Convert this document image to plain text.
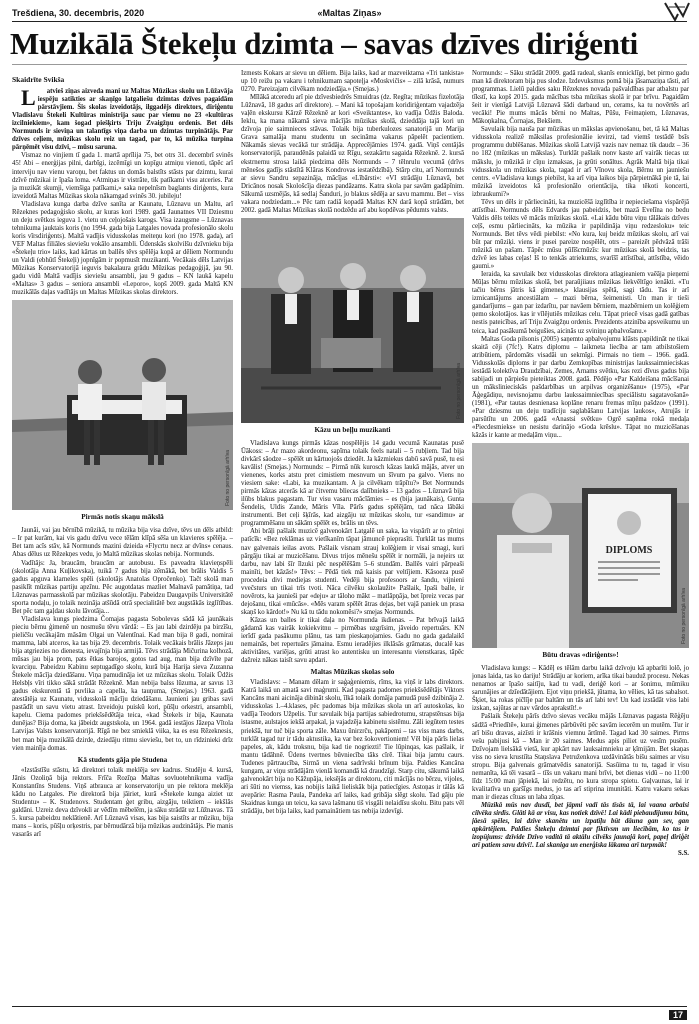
Trešdiena, 30. decembris, 2020	«Maltas Ziņas»
Muzikālā Štekeļu dzimta – savas dzīves diriģenti
Skaidrīte Svikša

L atvieš ziņas aizveda mani uz Maltas Mūzikas skolu un Lūžavāja iespēju satikties ar skaņīgo latgaliešu dzimtas dzīves pagaidām pārstāvjiem. Šis skolas izveidotājs, ilggadējs direktors, diriģentu Vladislavu Štekeli Kultūras ministrija sauc par viemu no 23 «kultūras izcilniekiem», kam šogad piešķirts Triju Zvaigžņu ordenis. Bet dēls Normunds ir sieviņa un talantīgs viņa darba un dzimtas turpinātājs. Par dzīves ceļiem, mūzikas skolu reiz un tagad, par to, kā mūzika turpina pārņēmēt visu dzīvi, – mūsu saruna.

Vismaz no vinjiem tī gada 1. martā aprīlija 75, bet otrs 31. decembrī svinēs 45! Abi – enerģijas pilni, darbīgi, izcēmīgi un kopīgu atmiņu vienoti, tāpēc arī interviju nav vienu varoņu, bet faktus un domās balstīts stāsts par dzimtu, kurai dzīvē mūzikai ir īpaša loma. «Atmiņas ir vistrāte, tik patīkami visu atceries. Pat ja muzikāt skumji, viemšiga patīkami,» saka nepelnīsm baglants diriģents, kura izveidotā Maltas Mūzikas skola nākamgad svinēs 30. jubileju!

Vladislava kunga darba dzīve sanīta ar Kaunatu, Lūznavu un Maltu, arī Rēzeknes pedagoģisko skolu, ar kuras kori 1989. gadā Jaunatnes VII Dziesmu un deju svētkos ieguva 1. vietu un ceļojošais karogs. Visa izaugsme – Lūznavas tehnikuma jauktais koris (no 1994. gada bija Latgales novada profesionālo skolu koris vīrsdiriģents). Maltā vadījis vidusskolas meiteņu kori (no 1978. gada), arī VEF Maltas filiāles sieviešu vokālo ansambli. Ūdenskās skolvilšu dzīvnieku bija «Štekeļu trio» laiks, kad kārtas un ballēs tēvs spēlēja kopā ar dēliem Normundu un Valdi (ebhūtī Štekeļi) jopnīgām ir popmusīt muzikanti. Vecākais dēls Latvijas Mūzikas Konservatorijā ieguvis bakalaura grādu Mūzikas pedagoģijā, jau 90. gadu vidū Maltā vadījis sieviešu ansambli, jau 9 gadus – KN laukā kapelu «Maltas» 3 gadus – seniora ansambli «Leporo», kopš 2009. gada Maltā KN muzikālās daļas vadītājs un Maltas Mūzikas skolas direktors.

Foto no personīgā arhīva
Pirmās notis skaņu mākslā

Jaunāi, vai jau bērnībā mūzikā, tu mūzika bija visa dzīve, tēvs un dēls atbild: – Ir pat kurām, kai vis gadu dzīvu vece tēlām klīpā sēša un klavieres spēlēja. – Bet tam acīs stāv, kā Normunds mazini dzieida «Flycrtu necz ar dvīns» cenaus. Abas dēlus uz Rēzekņes vedu, jo Maltā mūzikas skolas nebija. Normunds.

Vadītājs: Ja, braucām, braucām ar autobusu. Es paveadra klavieņspēli (skolotāja Anna Kuļikovska), tuikā 7 gadus bija zēmākā, bet brālis Valdis 5 gadus apguva klarneles spēli (skolotājs Anatolas Opročenko). Tačt skolā man pasiklīt mūzikas partiju apzīnu. Pēc augotdatas mazliet Malnavā pamātiņa, tad Lūznavas parmasskolā par mūzikas skolotāju. Pabeidzu Daugavpils Universitātē sporta nodaļu, jo tolaik nezināja atšūdā otrā specialitātē bez augstākās izglītības. Bet pēc tam gaļdau skolu lāvotāja...

Vladislava kungs piedzima Čomajas pagasta Sobolevas sādā kā jaunākais pieciu bērnu ģimenē un nosmušu tēvu vārdā: – Es jau labi dzirdēju pa birzīšu, pieličšu vecākajām māsām Olgai un Valentīnai. Kad man bija 8 gadi, nomirai mamma, labi atceros, ka tas bija 29. decembris. Tolaik vecākais brālis Jāzeps jau bija atgriezies no dienesta, ievajīnja bija armijā. Tēvs strādāja Mičurina kolhozā, mūsas jau bija prom, pats ētkas barojos, gotos tad aug, man bija dzīvīte par kvarciņu. Pabeidzu Kabinu septugadīgo skolu, kurā bija Harija sieva Zuzanna Štekele mācīja dziedāšanu. Viņa pamudināja iet uz mūzikas skolu. Tolaik Ūdžis Helsbļs vīri tikko sākā strādāt Rēzeknē. Man nebija balss lūzuma, ar savus 13 gadus ekskurentā tā puvlika a capella, ka tauņuma, (Smejas.) 1963. gadā atestātēja uz Kaunatu, vidusskolā mācīju dziedāšanu. Jaunieni jau gribas savi pastādīt un savu vietu atrast. Izveidoju puiskū kori, pūšļu orkestri, ansambli, kapelu. Ciema padomes priekšsēdētāja teica, «kad Štekels ir bija, Kaunata dunējas? Bija doma, ka jābeidz augstskola, un 1964. gadā iestājos Jāzepa Vītola Latvijas Valsts konservatorijā. Rīgā ne bez smieklā viika, ka es esu Rēzeknesis, bet man bija muzikālā dzirde, dziedāju ritmu sieviešu, bet to, un rīdzinieki drīz vien mainīja domas.

Kā students gāja pie Studena

«Izstāstīšu stāstu, kā direktori tolaik meklēja sev kadrus. Studēju 4. kursā, Jānis Ozoliņā bija rektors. Frīča Rozīņa Maltas sovluotehnikuma vadīja Konstantīns Studens. Viņš atbrauca ar konservatoriju un pie rektora meklēja kādu no Latgales. Pie direktorā bija jāiriet, kurā «Štekele kunga aiziet uz Studentu» – K. Studenovs. Studentam ģet gribu, aizgāju, teiktiem – iekšlās galdāni. Uzreiz deva dzīvokli ar vēdīm mēbelēm, ja sāku strādāt uz Lūžnavas. Tā 5. kursa pabeidzu neklātienē. Arī Lūznavā visas, kas bija saistīts ar mūziku, bija mans – koris, pūšļu orķestris, par bērnudārzā bija mūzikas audzinātājs. Pie manis vasarās arī

Izmests Kokars ar sievu un dēliem. Bija laiks, kad ar mazveiktama «Tri tankista» up 10 reižu pa vakaru i tehnikumam sapoteļja «Moskvičis» – zilā krāsā, numurs 0270. Pareizajam cilvēkam nodziedāja.» (Smejas.)

Mīlākā atceredu arī pie dzīvesbiedrēs Smuidras (dz. Regīta; mūzikas fizelotāja Lūžnavā, 18 gadus arī direktore). – Mani kā topošajam koridiriģentam vajadzēja vaļēn ekskursu Kārzē Rēzeknē ar kori «Sveiktantes», ko vadīja Ūdžis Baloda. Ieklu, ka mana nākamā sieva mācījās mūzikas skolā, dzieddāja tajā kori un dzīvoja pie saimnieces stāvas. Tolaik bija tuberkulozes sanatorijā un Marija Grava samalāja manu studentu un secināma vakarus pāpelēt pacientiem. Nākamās sievas vecākā tur strādāja. Apprecējāmies 1974. gadā. Viņš centājās konservatorijā, paraudēnās palaidā uz Rīgu, sezakārtu sagaida Rēzeknē. 2. kursā ekstrnernu strosa laikā piedzima dēls Normunds – 7 tēlnrulu vecumā (drīvs mēnešos gadījs stāstītā Klāras Kondrovas iestatēdzībā). Stārp citu, arī Normunds ar sievu Sandru sepazināja, mācījas «Lībārsti»: «VI strādāju Lūznavā, bet Dricānos nosak Skološcīja diezas pandāzams. Katra skola par savām gadāpīnim. Sākumā uzsmējās, kā sedlaj Šanduri, jo blakus sēdēja ar savu mammu. Bet – viss vakara nodziedam...» Pēc tam radiā kopadā Maltas KN darā kopā strādām, bet 2002. gadā Maltas Mūzikas skolā nodzēdu arī abu kopdēvas pēdumts valsts.

Foto no personīgā arhīva
Kāzu un beļļu muzikanti

Vladislava kungs pirmās kāzas nospēlējis 14 gadu vecumā Kaunatas pusē Ūākoss: – Ar mazo akordeonu, sapīma tolaik feels natali – 5 rubļiem. Tad bija divkārš sāodze – spēlēt un kārtuojošs dziedēt. Ja kāzmiekus dabū savā pusē, tu esi kavālis! (Smejas.) Normunds: – Pirmā nūk kurosch kāzas laukā mājās, atver un vienenes, korks atstu pret cimistiem mesnvum un šīvum pa galvo. Viens no viesiem sake: «Labi, ka muzikantam. A ja cilvēkam trāpītu?» Bet Normunds pirmās kāzas atcerās kā ar čitvemu bliecas dalībnieks – 13 gados – Lūznavā bija ilūbs blakus pagastam. Tur visu vasaru mācīāmies – es (bija jaunākais), Gunta Šendelis, Uldis Zande, Māris Vīla. Pārīs gadus spēlējām, tad nāca lābāki instrumenti. Bet ceļi šķīrās, kad aizgāju uz mūzikas skolu, tur «sandimu» ar programmēšanu un sākām spēlēt es, brālis un tēvs.

Abi brāļi pašlaik muzicē galvenokārt Latgalē un saka, ka vispārīt ar to pīrtiņi patīcīk: «Bez reklāmas uz vietīkanīm tāpat jāmuncē pieprasīti. Turklāt tas mums nav galvenais ieilas avots. Pašlaik visnam strauj kolēģiem ir visai smagi, kuri pārgāju tikai ar muzicēšanu. Divus trijos mēnešu spēlēt ir normāli, ja nejeirs uz darbu, nav labi šīr īlzuki pēc nespēlēšām 5–6 stundām. Ballēs vairi pārpeaši mainīti, bet kāzās!» Tēvs: – Pēdā tiek mā kaisis par veltījiem. Kāsoeza pusē procedeia divi mediejas studenti. Vedēji bija profesoors ar šandu, vijnieni vvečsturs un tikai trīs tvoti. Nāca cilvēku skolaužit» Pašlaik, Ipaši balle, ir novērots, ka jaunieši par «deju» ar tāloho mākt – matlāpņāja, bet īpreiz vecas par dejošanu, tikai «mūcās». «Mēs varam spēlēt ātras dejas, bet vajā paniek un prasa skaņš ko kārdot!» Nu kā tu tādu nokomēsi?» smejas Normunds.

Kāzas un balles ir tikai daļa no Normunda ikdienas. – Pat brīvajā laikā gādamā kas vairāk kokiekvitnu – pirmēbas uzgrīsim, jāveido repertuārs. KN ierīdī gada pasākumu plānu, tas tam pieskaņojamies. Gadu no gada gadalaikī nemainās, bet repertuārs jāmaina. Esmu ieradējies ilklāsās grāmatas, ducalē kas aktivitātes, variējas, grūti atrast ko autentisku un interesantu vienstkaras, tāpēc dažreiz nākas taisīt savu apdari.

Maltas Mūzikas skolas solo

Vladislavs: – Manam dēlam ir saģaģeniemis, rīms, ka viņš ir labs direktors. Katrā laikā un amatā savi maģrumi. Kad pagasta padomes priekšsēdētājs Viktors Kancāns mani aicināja dibināt skolu, īlkā tolaik domāja pamudā pusē dzibināja 2. vidusskolas 1.–4.klases, pēc padomas bija mūzikas skola un arī autoskolas, ko vadīja Teodors Užpelis. Tur savulaik bija partijas sabiedrotumu, strapstēnsas bija istasme, aulstajos iekšā arpakal, ja vajadzēja kabinetu sistēmu. Zāli iegūtem testes priekšā, tur tuč bija sporta zāle. Maxu ūnirzrču, pakāpemi – tas viss mans darbs, turklāt tagad tur ir tādu aktustika, ka var bez šokovertioniem! Vēl bija pārīs lielas papeles, ak, kādu troksnu, bija kad tie nogriezti! Tie lūpinqas, kas pašlaik, ir mantu tādāhnē. Ūdens tvertnes būvniecība tāks cīrē. Tikai bija jamtu caurs. Tudenes pārtraucība, Sirmā un viena sadrīvski brīnum bija. Paldies Kancāna kungam, ar viņu strādājām vienlā komandā kā draudzīgi. Starp citu, sākumā laikā galvenokārt bija no Kāžupāja, ieksējās ar direktoru, citi mācījās no bērzu, vijoles, ari šūti no viemss, kas nobijis laikā lieliskāk bija patiecīgies. Astoņas ir tālās kā avepārie: Rasma Paula, Pandeka arī laiks, kad gribāja slēgt skolu. Tad gāju pie Skaidnas kunga un teicu, ka sava lašmanu tiš visgāli nelaidīsu skolu. Bitu pats vēl strādāju, bet bija laiks, kad pamainātiem tas nebija izdevīgi.

Normunds: – Sāku strādāt 2009. gadā radeal, skanīs ennicklīgi, bet pirmo gadu man kā direktoram bija pus slodze. Izdevuksmus pomā bija jāsamaziņa tāsti, arī programmas. Lielū paldies saku Rēzeknes novada pašvaldības par atbalstu par tīkstī, ka kopš 2015. gada mācības tsba mūzikas skolā ir par brīvu. Pagaidām šeit ir vienīgā Latvijā Lūznavā šādi darbaud un, cerams, ka tu novērtēs arī vecāki! Pie mums mācās bērni no Maltas, Pūšu, Feimaņiem, Lūznavas, Mākoņkalna, Čornajas, Bekšiem.

Savulaik bija nauša par mūzikas un mākslas apvienošanu, bet, tā kā Maltas vidusskola realizē māksilas profesionālie ievirzi, tad viemš testādē bsīs programmu dublēšanas. Mūzikas skolā Latvijā vazis nav nemaz tik daudz – 36 no 182 (mūzikas un mākslas). Turklāt pašlaik nonv kaste arī vairāk tiecas uz mākslu, jo mūzikā ir cīņu izmaksas, ja grūti sonāltus. Agrāk Maltā bija tikai vidusskola un mūzikas skola, tagad ir arī Vīnovu skola, Bērnu un jauniešu centrs. «Vladislava kungs piebilst, ka arī viņa laikos bija pārpietnākā pie tā, lai mūzikā izveidotos kā profesionālo orientācija, tika tēkoti koncerti, izbraukumi?»

Tēvs un dēls ir pārliecināti, ka muzicēšā izglītība ir nepieciešama vispārējā attīstībai. Normunds dēls Edvards jau pabeidzis, bet mazā Evelīna no bedu Valdis dēls teikts vē mācās mūzikas skolā. «Lai kādu būtu viņu tālākais dzīves ceļš, esmu pārliecināts, ka mūzika ir papildināja viņu redzesloku» teic Normunds. Bet tēvs vēdi piebilst: «No kura, kuj beidz mūzikas skolu, arī vai būt par mūziķi. viens ir pusei pareize nospēlēt, otrs – pareizēt pēdvāzā trāši mūzikā un pašam. Tāpēc mūsu pūlīšcmūzīs: kur mūzikas skolā beidzis, tas dzīvē ies labas ceļas! Iš to tenkās atriekums, svarīšī attīstībai, attīstība, vēido gaumi.»

Ieraida, ka savulaik bez vidusskolas direktora atlagieaniem vaēāja pieņemi Mūļas bērnu mūzikas skolā, bet paraūjiiaus mūzikas liekvēltīgo ienākti. «Tu tačiu bērns jātris kā gimenes,» klausijas spētā, sagi tādu. Tas ir arī izmicantājums ancestiālam – mazi bērna, šeimenisti. Un man ir tieši gandarījums – gan par izdarītu, par navāem bērniem, mazbērniem un kolēģiem ņemo skolotājos. kas ir vīlējutiēs mūzikas celu. Tāpat priecē visas gadā gatības nestis pateicības, arī Triju Zvaigžņu ordenis. Prezidents atzinība apsveikumu un teica, kad pasākumā beigušies, aicinās uz sviniņu apbalvošanu.»

Maltas Goda pilsonis (2005) saņemto apbalvojumu klāsts papildināt ne tikai skaitā cēji (7fc!). Katrs diplomu – laikmeta liecība ar tam atbilstošiem atribūtiem, pārdomāts visadāi un sekmīgi. Pirmais no tiem – 1966. gadā. Vidusskolās diploms ir par darbu Zemkopības ministrijas laukssaimnieciskas iestādā kolektīva Draudzībai, Zemes, Arnams svētku, kas rezi dīvus gadus bija sabijadi un pārpiešu pieteiktas 2008. gadā. Pēdējo «Par Kaldeišana mācīšanai un mākslinieciskās pašdarbības un arpilvas organizēšanu» (1975), «Par Āģegādiņu, nevisnojamu darbu laukssaimniecības speciālistu sagatavošanā» (1981), «Par tautas desnienasa koplāne renaru fremas mīņu pašdzo» (1991). «Par dziesmu un deju tradīciju saglabāšanu Latvijas laukos», Atrujās ir parsūtītu un 2006. gadā «Anastsi svētku» Ogrē saņēma rokā medaļa «Piecdesmieks» un nesistu darinājo «Goda krēslu». Tāpat no muzicēšanas kāzās ir kante ar medaļām viņu...

DIPLOMS
Foto no personīgā arhīva
Būtu dravas «diriģents»!

Vladislava kungs: – Kādēļ es tēlām darbu laikā dzīvoju kā apbarīti lolō, jo jonas laida, tas ko dariju! Strādāju ar koriem, arīka tikai bauduž procesu. Nekas nenamos ar īpašo saitīju, kad tu vadi, deriģē kori – ar šonimu, mūmiku sarunājies ar dzīedātājiem. Ejot viņu priekšā, jūtama, ko vēlies, kā tas sabalsot. Šķiet, ka rokas pičlīje par baltām un tās arī labi tev! Un kad izstādāt viss labi izskan, sajūtas ar nav vārdos aprakstīt!.»

Pašlaik Štekeļu pārīs dzīvo sievas vecāku mājās Lūznavas pagasta Rēģēju sādžā «Priedītē», kurai ģimenes pārbūvēti pēc savām iecerēm un mutēm. Tur ir arī bišu dravas, aizīsti ir krāšnis viemnu ārtīmē. Tagad kad 30 saimes. Pirms vešu pabijusi kā – Man ir 20 saimes. Medus apis piliet uz vesīm pusēm. Dzīvojam lielsākā vietā, kur apkārt nav lauksaimnieku ar ķīmijām. Bet skaņas viss no sieva krustiīta Staņslava Petruženkova uzdāvinātās bišu saimes ar visu stropu. Bija galvenais grāmatvēdis sanatorijā. Sasūima tu tu, tagad ir visu nemanīta, kā tēi vasarā – tīšs un vakaru mani brīvi, bet dienas vidū – no 11:00 līdz 15:00 man jāpiekā, lai redzētu, no kura stropa spietu. Gaļvaunas, lai ir kvalitatīva un garšīgs medus, jo tas arī stiprina imunitāti. Katru vakaru sekas man ir diezas cītuas un laba zīņas.

Mūzikā mūs nav dusdī, bet jāpmi vadi tās tīsās tā, lai vaana arbalsi cilvēka sirdīs. Glāti kā ar visu, kas notiek dzīvē! Lai kādi piebaudījumu būtu, jāesā spēles, lai dzīve skanētu un izpatīļu būt dāuna gan sev, gan apkārtējiem. Paldies Štekeļu dzimtai par fiktivsm un liecībām, ko tas ir izopūjums: dzīvide Dzīvo vaditā tā aktālu cilvēks jaunajā kori, papeļ diriģēt arī patiem savu dzīvi!. Lai skaniga un enerģiska lākama arī turpmāk!

S.S.

17
